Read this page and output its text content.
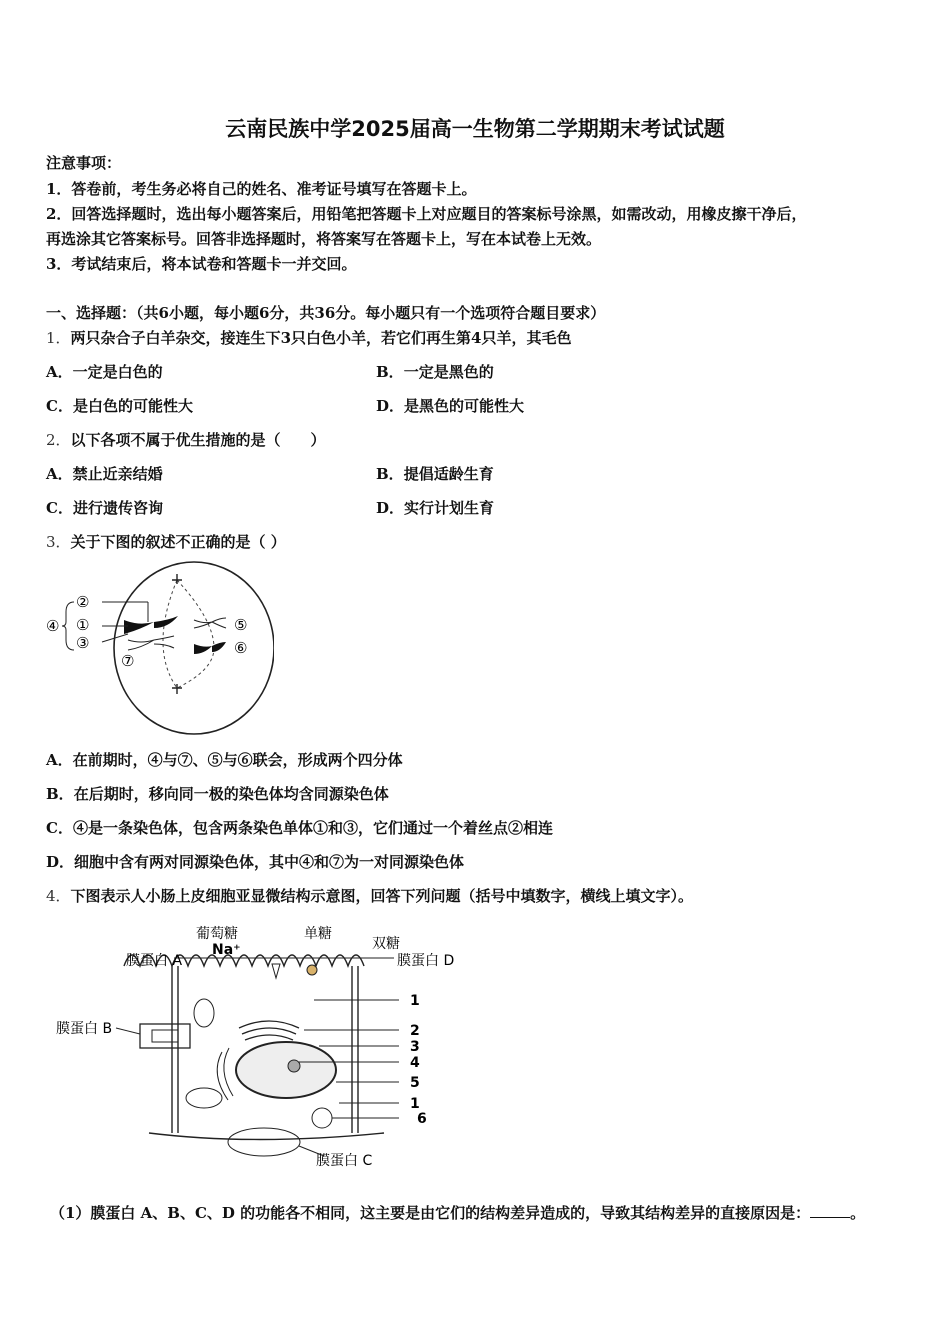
云南民族中学2025届高一生物第二学期期末考试试题
注意事项：
1．答卷前，考生务必将自己的姓名、准考证号填写在答题卡上。
2．回答选择题时，选出每小题答案后，用铅笔把答题卡上对应题目的答案标号涂黑，如需改动，用橡皮擦干净后，
再选涂其它答案标号。回答非选择题时，将答案写在答题卡上，写在本试卷上无效。
3．考试结束后，将本试卷和答题卡一并交回。
一、选择题：（共6小题，每小题6分，共36分。每小题只有一个选项符合题目要求）
1．两只杂合子白羊杂交，接连生下3只白色小羊，若它们再生第4只羊，其毛色
A．一定是白色的	B．一定是黑色的
C．是白色的可能性大	D．是黑色的可能性大
2．以下各项不属于优生措施的是（　　）
A．禁止近亲结婚	B．提倡适龄生育
C．进行遗传咨询	D．实行计划生育
3．关于下图的叙述不正确的是（ ）
④
②
①
③
⑤
⑥
⑦
A．在前期时，④与⑦、⑤与⑥联会，形成两个四分体
B．在后期时，移向同一极的染色体均含同源染色体
C．④是一条染色体，包含两条染色单体①和③，它们通过一个着丝点②相连
D．细胞中含有两对同源染色体，其中④和⑦为一对同源染色体
4．下图表示人小肠上皮细胞亚显微结构示意图，回答下列问题（括号中填数字，横线上填文字）。
葡萄糖
Na⁺
单糖
双糖
膜蛋白 A	膜蛋白 D
膜蛋白 B
膜蛋白 C
1
2
3
4
5
1
6
（1）膜蛋白 A、B、C、D 的功能各不相同，这主要是由它们的结构差异造成的，导致其结构差异的直接原因是：	。
